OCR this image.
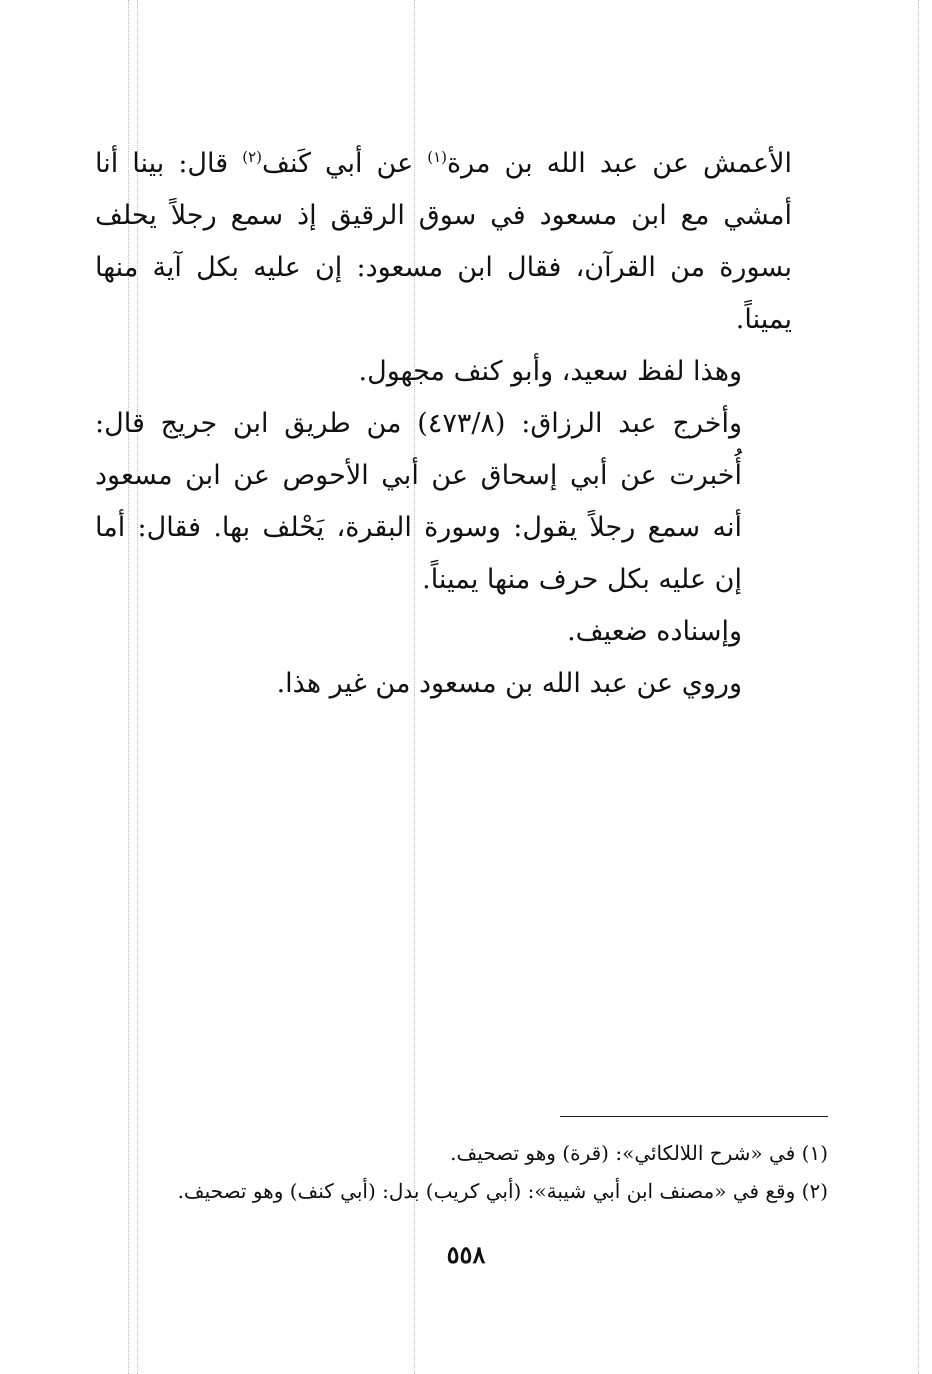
الأعمش عن عبد الله بن مرة$^{(١)}$ عن أبي كَنف$^{(٢)}$ قال: بينا أنا أمشي مع ابن مسعود في سوق الرقيق إذ سمع رجلاً يحلف بسورة من القرآن، فقال ابن مسعود: إن عليه بكل آية منها يميناً.

وهذا لفظ سعيد، وأبو كنف مجهول.

وأخرج عبد الرزاق: (٤٧٣/٨) من طريق ابن جريج قال: أُخبرت عن أبي إسحاق عن أبي الأحوص عن ابن مسعود أنه سمع رجلاً يقول: وسورة البقرة، يَحْلف بها. فقال: أما إن عليه بكل حرف منها يميناً.

وإسناده ضعيف.

وروي عن عبد الله بن مسعود من غير هذا.

(١) في «شرح اللالكائي»: (قرة) وهو تصحيف.

(٢) وقع في «مصنف ابن أبي شيبة»: (أبي كريب) بدل: (أبي كنف) وهو تصحيف.

٥٥٨
